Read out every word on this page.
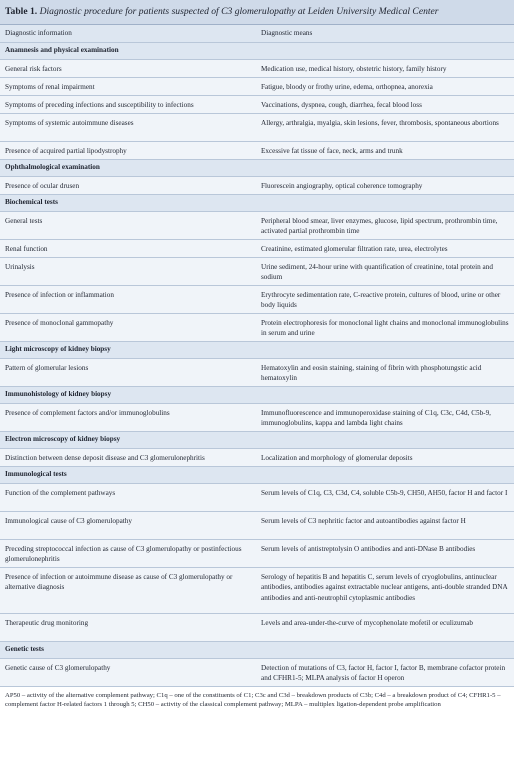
Table 1. Diagnostic procedure for patients suspected of C3 glomerulopathy at Leiden University Medical Center
Diagnostic information	Diagnostic means
Anamnesis and physical examination	
General risk factors	Medication use, medical history, obstetric history, family history
Symptoms of renal impairment	Fatigue, bloody or frothy urine, edema, orthopnea, anorexia
Symptoms of preceding infections and susceptibility to infections	Vaccinations, dyspnea, cough, diarrhea, fecal blood loss
Symptoms of systemic autoimmune diseases	Allergy, arthralgia, myalgia, skin lesions, fever, thrombosis, spontaneous abortions
Presence of acquired partial lipodystrophy	Excessive fat tissue of face, neck, arms and trunk
Ophthalmological examination	
Presence of ocular drusen	Fluorescein angiography, optical coherence tomography
Biochemical tests	
General tests	Peripheral blood smear, liver enzymes, glucose, lipid spectrum, prothrombin time, activated partial prothrombin time
Renal function	Creatinine, estimated glomerular filtration rate, urea, electrolytes
Urinalysis	Urine sediment, 24-hour urine with quantification of creatinine, total protein and sodium
Presence of infection or inflammation	Erythrocyte sedimentation rate, C-reactive protein, cultures of blood, urine or other body liquids
Presence of monoclonal gammopathy	Protein electrophoresis for monoclonal light chains and monoclonal immunoglobulins in serum and urine
Light microscopy of kidney biopsy	
Pattern of glomerular lesions	Hematoxylin and eosin staining, staining of fibrin with phosphotungstic acid hematoxylin
Immunohistology of kidney biopsy	
Presence of complement factors and/or immunoglobulins	Immunofluorescence and immunoperoxidase staining of C1q, C3c, C4d, C5b-9, immunoglobulins, kappa and lambda light chains
Electron microscopy of kidney biopsy	
Distinction between dense deposit disease and C3 glomerulonephritis	Localization and morphology of glomerular deposits
Immunological tests	
Function of the complement pathways	Serum levels of C1q, C3, C3d, C4, soluble C5b-9, CH50, AH50, factor H and factor I
Immunological cause of C3 glomerulopathy	Serum levels of C3 nephritic factor and autoantibodies against factor H
Preceding streptococcal infection as cause of C3 glomerulopathy or postinfectious glomerulonephritis	Serum levels of antistreptolysin O antibodies and anti-DNase B antibodies
Presence of infection or autoimmune disease as cause of C3 glomerulopathy or alternative diagnosis	Serology of hepatitis B and hepatitis C, serum levels of cryoglobulins, antinuclear antibodies, antibodies against extractable nuclear antigens, anti-double stranded DNA antibodies and anti-neutrophil cytoplasmic antibodies
Therapeutic drug monitoring	Levels and area-under-the-curve of mycophenolate mofetil or eculizumab
Genetic tests	
Genetic cause of C3 glomerulopathy	Detection of mutations of C3, factor H, factor I, factor B, membrane cofactor protein and CFHR1-5; MLPA analysis of factor H operon
AP50 – activity of the alternative complement pathway; C1q – one of the constituents of C1; C3c and C3d – breakdown products of C3b; C4d – a breakdown product of C4; CFHR1-5 – complement factor H-related factors 1 through 5; CH50 – activity of the classical complement pathway; MLPA – multiplex ligation-dependent probe amplification
